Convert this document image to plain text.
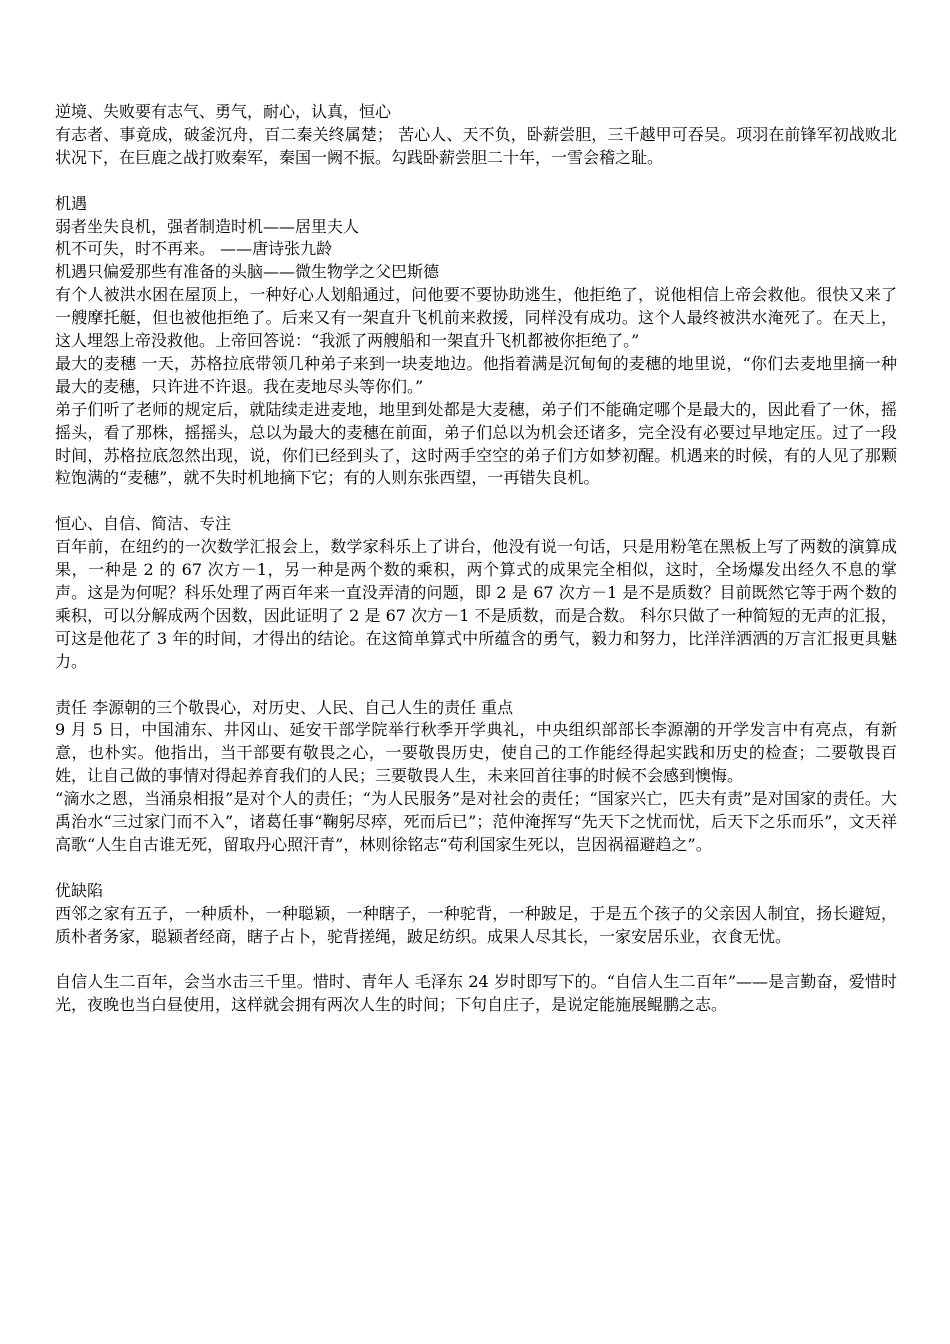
逆境、失败要有志气、勇气，耐心，认真，恒心

有志者、事竟成，破釜沉舟，百二秦关终属楚； 苦心人、天不负，卧薪尝胆，三千越甲可吞吴。项羽在前锋军初战败北状况下，在巨鹿之战打败秦军，秦国一阙不振。勾践卧薪尝胆二十年，一雪会稽之耻。

机遇

弱者坐失良机，强者制造时机——居里夫人

机不可失，时不再来。 ——唐诗张九龄

机遇只偏爱那些有准备的头脑——微生物学之父巴斯德

有个人被洪水困在屋顶上，一种好心人划船通过，问他要不要协助逃生，他拒绝了，说他相信上帝会救他。很快又来了一艘摩托艇，但也被他拒绝了。后来又有一架直升飞机前来救援，同样没有成功。这个人最终被洪水淹死了。在天上，这人埋怨上帝没救他。上帝回答说：“我派了两艘船和一架直升飞机都被你拒绝了。”

最大的麦穗 一天，苏格拉底带领几种弟子来到一块麦地边。他指着满是沉甸甸的麦穗的地里说，“你们去麦地里摘一种最大的麦穗，只许进不许退。我在麦地尽头等你们。”

弟子们听了老师的规定后，就陆续走进麦地，地里到处都是大麦穗，弟子们不能确定哪个是最大的，因此看了一休，摇摇头，看了那株，摇摇头，总以为最大的麦穗在前面，弟子们总以为机会还诸多，完全没有必要过早地定压。过了一段时间，苏格拉底忽然出现，说，你们已经到头了，这时两手空空的弟子们方如梦初醒。机遇来的时候，有的人见了那颗粒饱满的“麦穗”，就不失时机地摘下它；有的人则东张西望，一再错失良机。

恒心、自信、简洁、专注

百年前，在纽约的一次数学汇报会上，数学家科乐上了讲台，他没有说一句话，只是用粉笔在黑板上写了两数的演算成果，一种是 2 的 67 次方－1，另一种是两个数的乘积，两个算式的成果完全相似，这时，全场爆发出经久不息的掌声。这是为何呢？科乐处理了两百年来一直没弄清的问题，即 2 是 67 次方－1 是不是质数？目前既然它等于两个数的乘积，可以分解成两个因数，因此证明了 2 是 67 次方－1 不是质数，而是合数。 科尔只做了一种简短的无声的汇报，可这是他花了 3 年的时间，才得出的结论。在这简单算式中所蕴含的勇气，毅力和努力，比洋洋洒洒的万言汇报更具魅力。

责任 李源朝的三个敬畏心，对历史、人民、自己人生的责任 重点

9 月 5 日，中国浦东、井冈山、延安干部学院举行秋季开学典礼，中央组织部部长李源潮的开学发言中有亮点，有新意，也朴实。他指出，当干部要有敬畏之心，一要敬畏历史，使自己的工作能经得起实践和历史的检查；二要敬畏百姓，让自己做的事情对得起养育我们的人民；三要敬畏人生，未来回首往事的时候不会感到懊悔。

“滴水之恩，当涌泉相报”是对个人的责任；“为人民服务”是对社会的责任；“国家兴亡，匹夫有责”是对国家的责任。大禹治水“三过家门而不入”，诸葛任事“鞠躬尽瘁，死而后已”；范仲淹挥写“先天下之忧而忧，后天下之乐而乐”，文天祥高歌“人生自古谁无死，留取丹心照汗青”，林则徐铭志“苟利国家生死以，岂因祸福避趋之”。

优缺陷

西邻之家有五子，一种质朴，一种聪颖，一种瞎子，一种驼背，一种跛足，于是五个孩子的父亲因人制宜，扬长避短，质朴者务家，聪颖者经商，瞎子占卜，驼背搓绳，跛足纺织。成果人尽其长，一家安居乐业，衣食无忧。

自信人生二百年，会当水击三千里。惜时、青年人 毛泽东 24 岁时即写下的。“自信人生二百年”——是言勤奋，爱惜时光，夜晚也当白昼使用，这样就会拥有两次人生的时间；下句自庄子，是说定能施展鲲鹏之志。
